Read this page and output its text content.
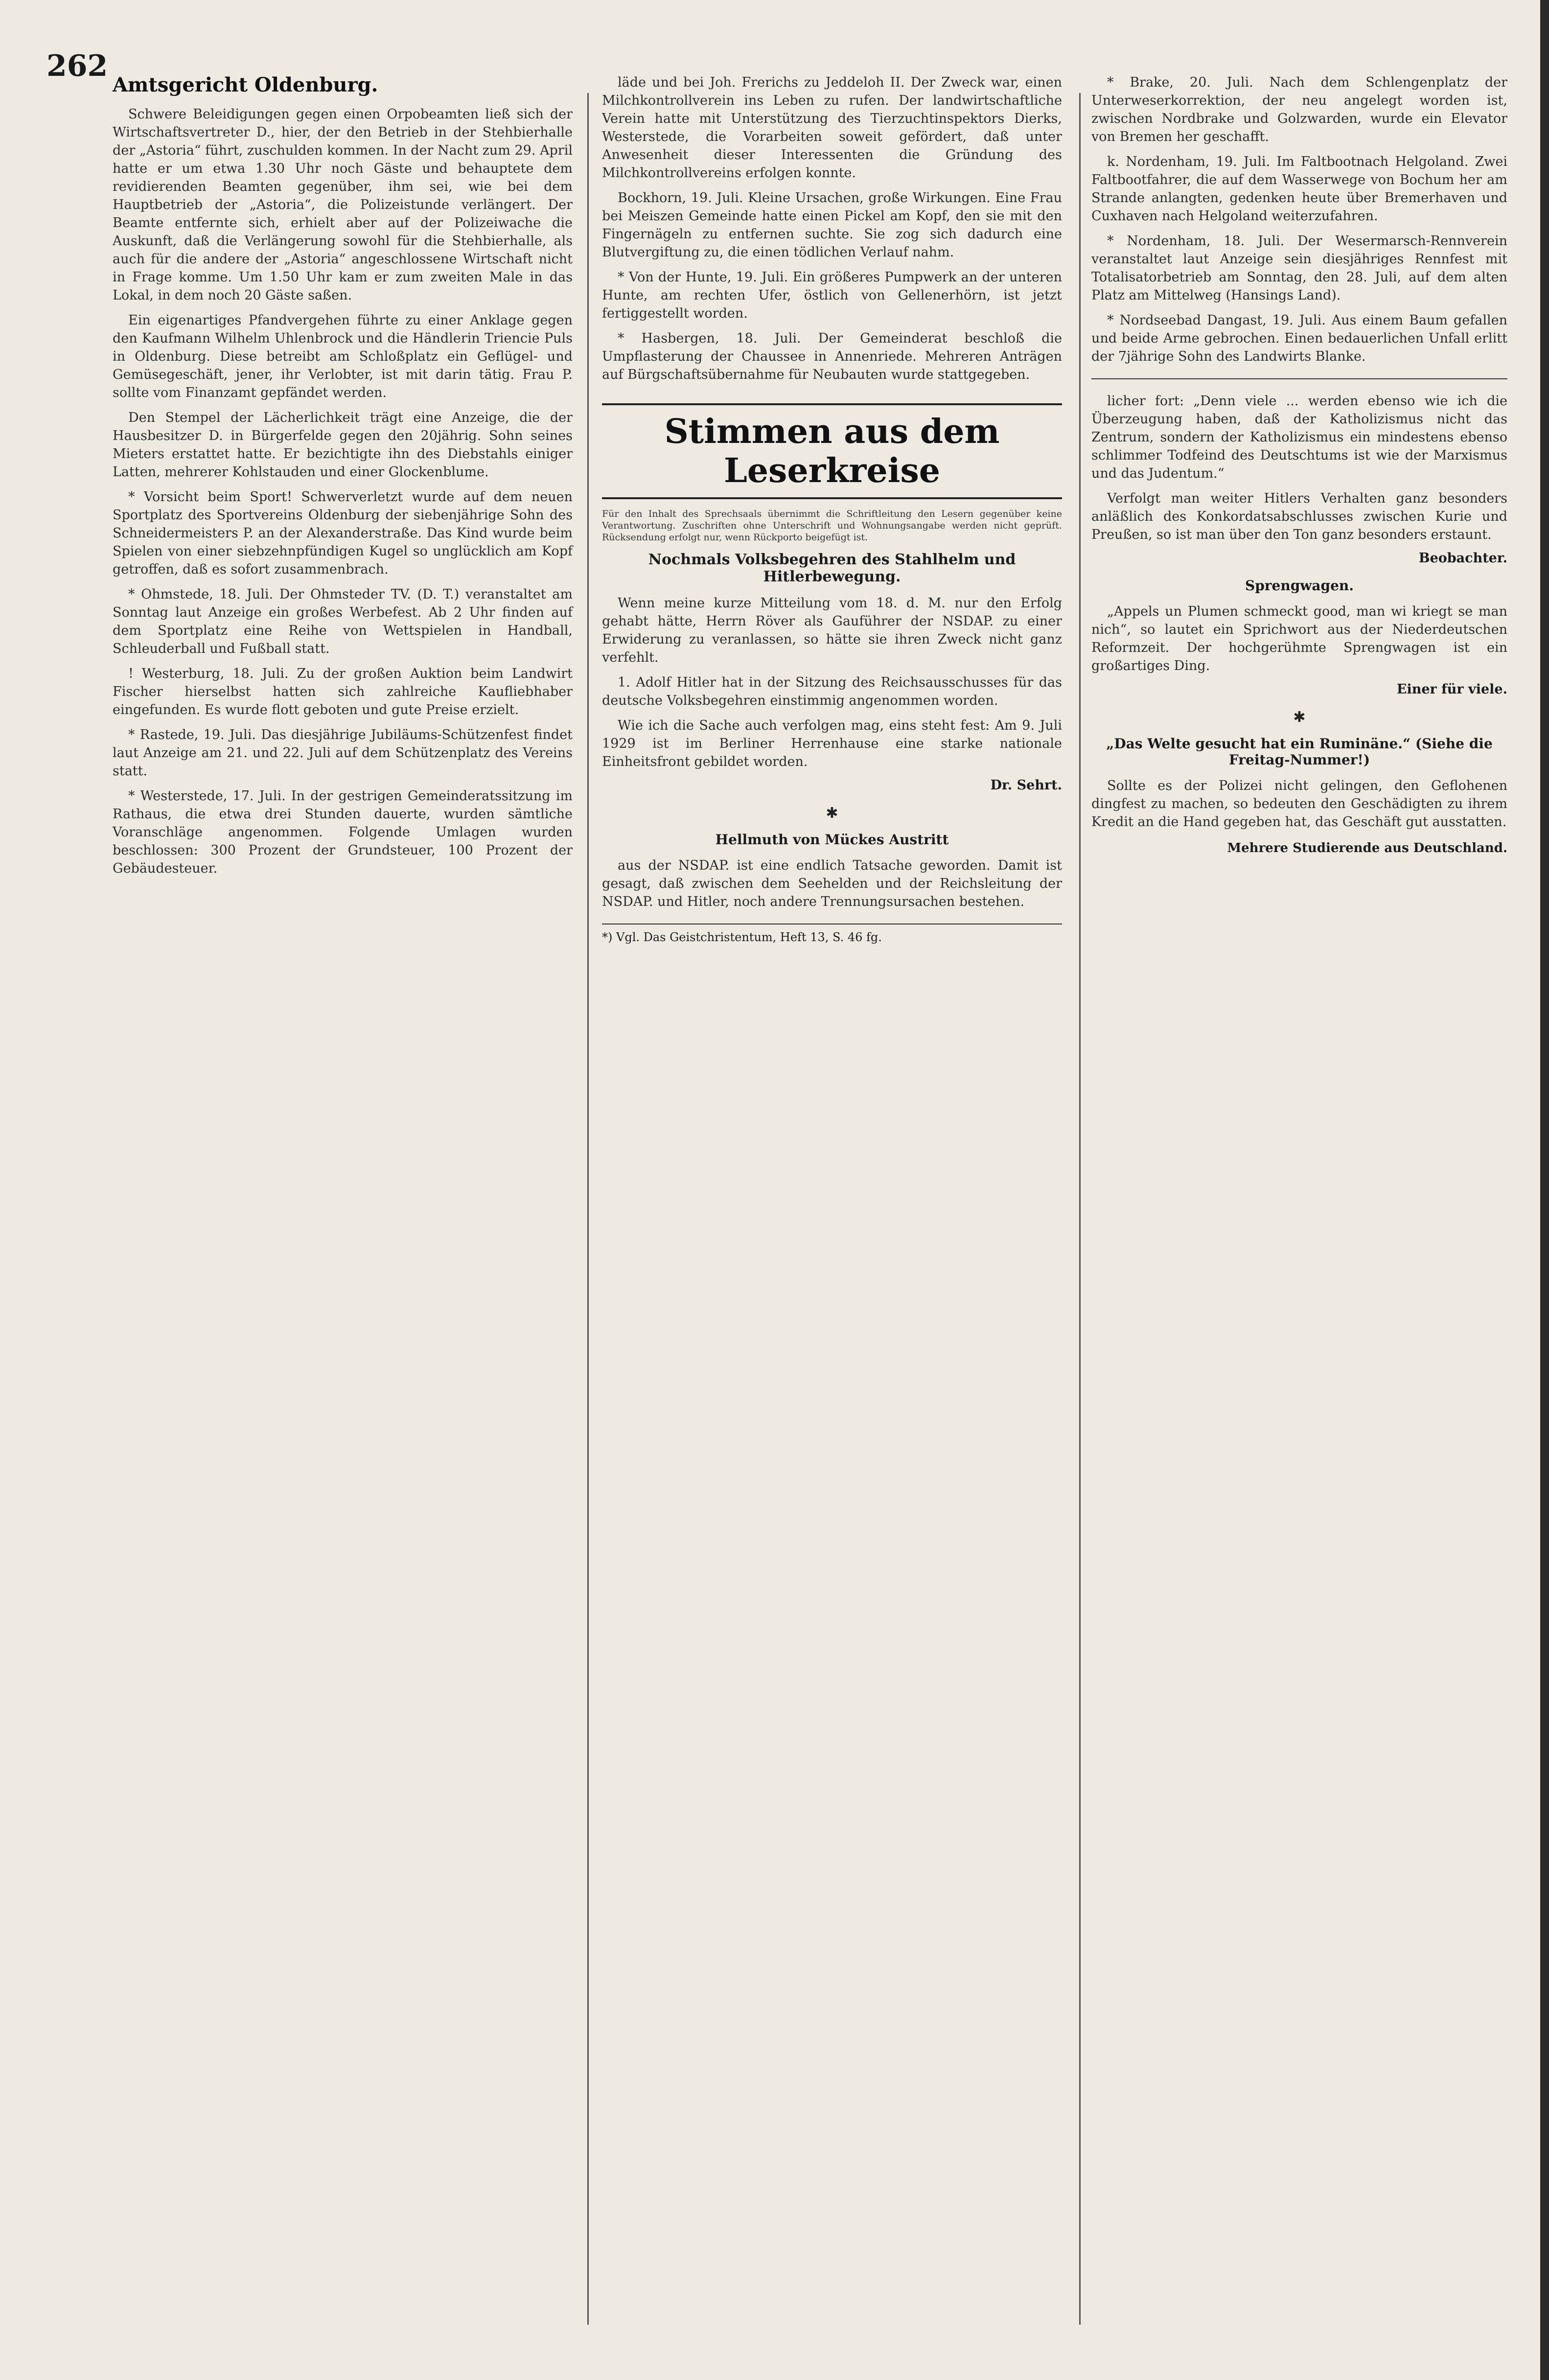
262
Amtsgericht Oldenburg.

Schwere Beleidigungen gegen einen Orpobeamten ließ sich der Wirtschaftsvertreter D., hier, der den Betrieb in der Stehbierhalle der „Astoria“ führt, zuschulden kommen. In der Nacht zum 29. April hatte er um etwa 1.30 Uhr noch Gäste und behauptete dem revidierenden Beamten gegenüber, ihm sei, wie bei dem Hauptbetrieb der „Astoria“, die Polizeistunde verlängert. Der Beamte entfernte sich, erhielt aber auf der Polizeiwache die Auskunft, daß die Verlängerung sowohl für die Stehbierhalle, als auch für die andere der „Astoria“ angeschlossene Wirtschaft nicht in Frage komme. Um 1.50 Uhr kam er zum zweiten Male in das Lokal, in dem noch 20 Gäste saßen.

Ein eigenartiges Pfandvergehen führte zu einer Anklage gegen den Kaufmann Wilhelm Uhlenbrock und die Händlerin Triencie Puls in Oldenburg. Diese betreibt am Schloßplatz ein Geflügel- und Gemüsegeschäft, jener, ihr Verlobter, ist mit darin tätig. Frau P. sollte vom Finanzamt gepfändet werden.

Den Stempel der Lächerlichkeit trägt eine Anzeige, die der Hausbesitzer D. in Bürgerfelde gegen den 20jährig. Sohn seines Mieters erstattet hatte. Er bezichtigte ihn des Diebstahls einiger Latten, mehrerer Kohlstauden und einer Glockenblume.

* Vorsicht beim Sport! Schwerverletzt wurde auf dem neuen Sportplatz des Sportvereins Oldenburg der siebenjährige Sohn des Schneidermeisters P. an der Alexanderstraße. Das Kind wurde beim Spielen von einer siebzehnpfündigen Kugel so unglücklich am Kopf getroffen, daß es sofort zusammenbrach.

* Ohmstede, 18. Juli. Der Ohmsteder TV. (D. T.) veranstaltet am Sonntag laut Anzeige ein großes Werbefest. Ab 2 Uhr finden auf dem Sportplatz eine Reihe von Wettspielen in Handball, Schleuderball und Fußball statt.

! Westerburg, 18. Juli. Zu der großen Auktion beim Landwirt Fischer hierselbst hatten sich zahlreiche Kaufliebhaber eingefunden. Es wurde flott geboten und gute Preise erzielt.

* Rastede, 19. Juli. Das diesjährige Jubiläums-Schützenfest findet laut Anzeige am 21. und 22. Juli auf dem Schützenplatz des Vereins statt.

* Westerstede, 17. Juli. In der gestrigen Gemeinderatssitzung im Rathaus, die etwa drei Stunden dauerte, wurden sämtliche Voranschläge angenommen. Folgende Umlagen wurden beschlossen: 300 Prozent der Grundsteuer, 100 Prozent der Gebäudesteuer.

läde und bei Joh. Frerichs zu Jeddeloh II. Der Zweck war, einen Milchkontrollverein ins Leben zu rufen. Der landwirtschaftliche Verein hatte mit Unterstützung des Tierzuchtinspektors Dierks, Westerstede, die Vorarbeiten soweit gefördert, daß unter Anwesenheit dieser Interessenten die Gründung des Milchkontrollvereins erfolgen konnte.

Bockhorn, 19. Juli. Kleine Ursachen, große Wirkungen. Eine Frau bei Meiszen Gemeinde hatte einen Pickel am Kopf, den sie mit den Fingernägeln zu entfernen suchte. Sie zog sich dadurch eine Blutvergiftung zu, die einen tödlichen Verlauf nahm.

* Von der Hunte, 19. Juli. Ein größeres Pumpwerk an der unteren Hunte, am rechten Ufer, östlich von Gellenerhörn, ist jetzt fertiggestellt worden.

* Hasbergen, 18. Juli. Der Gemeinderat beschloß die Umpflasterung der Chaussee in Annenriede. Mehreren Anträgen auf Bürgschaftsübernahme für Neubauten wurde stattgegeben.

Stimmen aus dem Leserkreise
Für den Inhalt des Sprechsaals übernimmt die Schriftleitung den Lesern gegenüber keine Verantwortung. Zuschriften ohne Unterschrift und Wohnungsangabe werden nicht geprüft. Rücksendung erfolgt nur, wenn Rückporto beigefügt ist.
Nochmals Volksbegehren des Stahlhelm und Hitlerbewegung.

Wenn meine kurze Mitteilung vom 18. d. M. nur den Erfolg gehabt hätte, Herrn Röver als Gauführer der NSDAP. zu einer Erwiderung zu veranlassen, so hätte sie ihren Zweck nicht ganz verfehlt.

1. Adolf Hitler hat in der Sitzung des Reichsausschusses für das deutsche Volksbegehren einstimmig angenommen worden.

Wie ich die Sache auch verfolgen mag, eins steht fest: Am 9. Juli 1929 ist im Berliner Herrenhause eine starke nationale Einheitsfront gebildet worden.

Dr. Sehrt.
✱
Hellmuth von Mückes Austritt

aus der NSDAP. ist eine endlich Tatsache geworden. Damit ist gesagt, daß zwischen dem Seehelden und der Reichsleitung der NSDAP. und Hitler, noch andere Trennungsursachen bestehen.

*) Vgl. Das Geistchristentum, Heft 13, S. 46 fg.

* Brake, 20. Juli. Nach dem Schlengenplatz der Unterweserkorrektion, der neu angelegt worden ist, zwischen Nordbrake und Golzwarden, wurde ein Elevator von Bremen her geschafft.

k. Nordenham, 19. Juli. Im Faltbootnach Helgoland. Zwei Faltbootfahrer, die auf dem Wasserwege von Bochum her am Strande anlangten, gedenken heute über Bremerhaven und Cuxhaven nach Helgoland weiterzufahren.

* Nordenham, 18. Juli. Der Wesermarsch-Rennverein veranstaltet laut Anzeige sein diesjähriges Rennfest mit Totalisatorbetrieb am Sonntag, den 28. Juli, auf dem alten Platz am Mittelweg (Hansings Land).

* Nordseebad Dangast, 19. Juli. Aus einem Baum gefallen und beide Arme gebrochen. Einen bedauerlichen Unfall erlitt der 7jährige Sohn des Landwirts Blanke.

licher fort: „Denn viele ... werden ebenso wie ich die Überzeugung haben, daß der Katholizismus nicht das Zentrum, sondern der Katholizismus ein mindestens ebenso schlimmer Todfeind des Deutschtums ist wie der Marxismus und das Judentum.“

Verfolgt man weiter Hitlers Verhalten ganz besonders anläßlich des Konkordatsabschlusses zwischen Kurie und Preußen, so ist man über den Ton ganz besonders erstaunt.

Beobachter.
Sprengwagen.

„Appels un Plumen schmeckt good, man wi kriegt se man nich“, so lautet ein Sprichwort aus der Niederdeutschen Reformzeit. Der hochgerühmte Sprengwagen ist ein großartiges Ding.

Einer für viele.
✱
„Das Welte gesucht hat ein Ruminäne.“ (Siehe die Freitag-Nummer!)

Sollte es der Polizei nicht gelingen, den Geflohenen dingfest zu machen, so bedeuten den Geschädigten zu ihrem Kredit an die Hand gegeben hat, das Geschäft gut ausstatten.

Mehrere Studierende aus Deutschland.
